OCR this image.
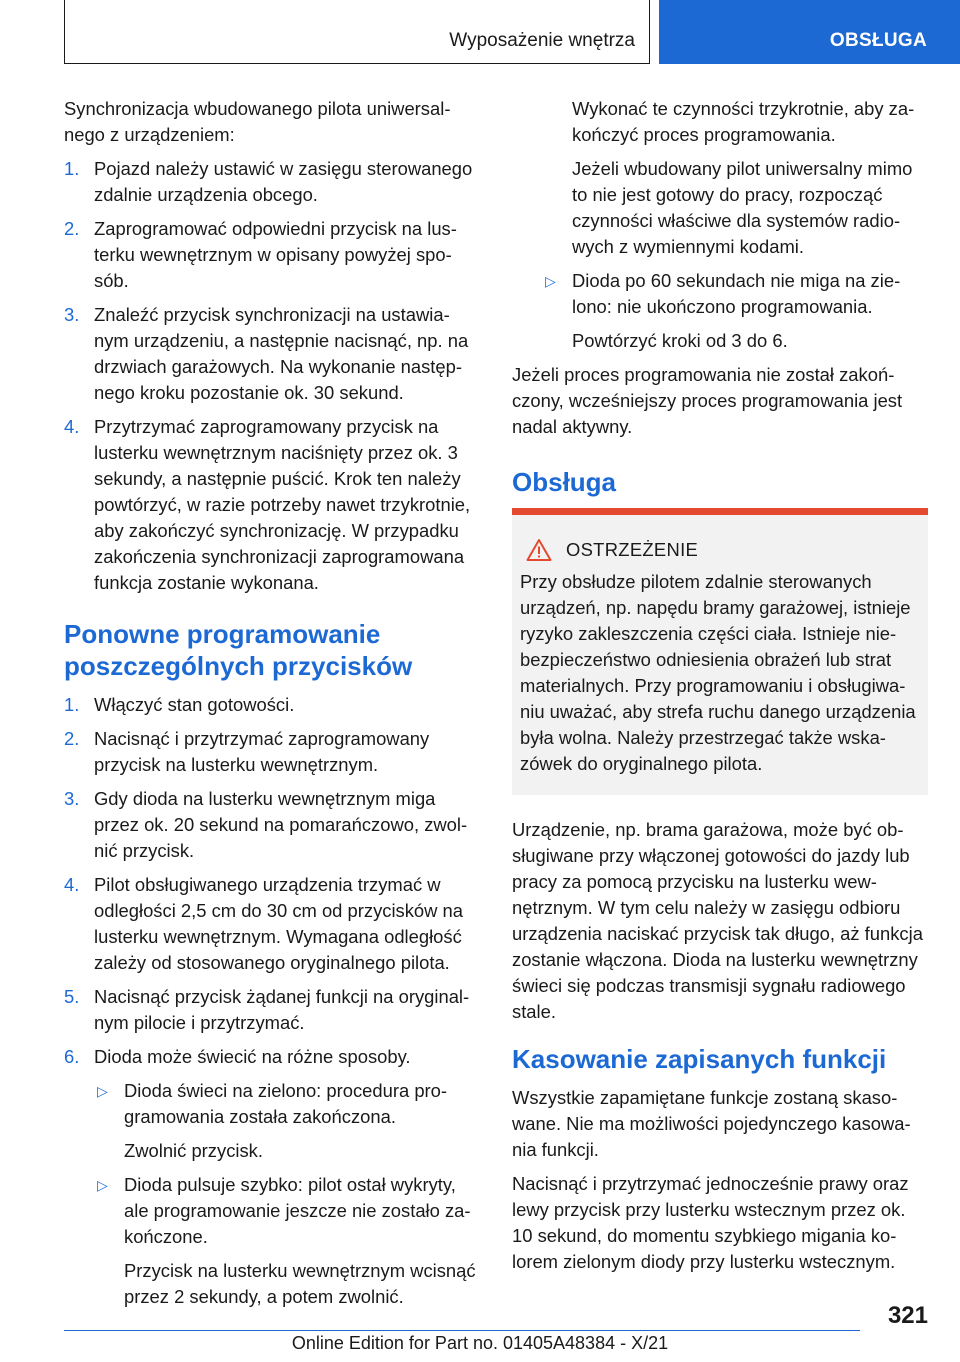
Wyposażenie wnętrza	OBSŁUGA

Synchronizacja wbudowanego pilota uniwersalnego z urządzeniem:

1. Pojazd należy ustawić w zasięgu sterowanego zdalnie urządzenia obcego.
2. Zaprogramować odpowiedni przycisk na lusterku wewnętrznym w opisany powyżej sposób.
3. Znaleźć przycisk synchronizacji na ustawianym urządzeniu, a następnie nacisnąć, np. na drzwiach garażowych. Na wykonanie następnego kroku pozostanie ok. 30 sekund.
4. Przytrzymać zaprogramowany przycisk na lusterku wewnętrznym naciśnięty przez ok. 3 sekundy, a następnie puścić. Krok ten należy powtórzyć, w razie potrzeby nawet trzykrotnie, aby zakończyć synchronizację. W przypadku zakończenia synchronizacji zaprogramowana funkcja zostanie wykonana.
Ponowne programowanie poszczególnych przycisków
1. Włączyć stan gotowości.
2. Nacisnąć i przytrzymać zaprogramowany przycisk na lusterku wewnętrznym.
3. Gdy dioda na lusterku wewnętrznym miga przez ok. 20 sekund na pomarańczowo, zwolnić przycisk.
4. Pilot obsługiwanego urządzenia trzymać w odległości 2,5 cm do 30 cm od przycisków na lusterku wewnętrznym. Wymagana odległość zależy od stosowanego oryginalnego pilota.
5. Nacisnąć przycisk żądanej funkcji na oryginalnym pilocie i przytrzymać.
6. Dioda może świecić na różne sposoby.
▷ Dioda świeci na zielono: procedura programowania została zakończona.
Zwolnić przycisk.
▷ Dioda pulsuje szybko: pilot ostał wykryty, ale programowanie jeszcze nie zostało zakończone.
Przycisk na lusterku wewnętrznym wcisnąć przez 2 sekundy, a potem zwolnić.

Wykonać te czynności trzykrotnie, aby zakończyć proces programowania.

Jeżeli wbudowany pilot uniwersalny mimo to nie jest gotowy do pracy, rozpocząć czynności właściwe dla systemów radiowych z wymiennymi kodami.

▷ Dioda po 60 sekundach nie miga na zielono: nie ukończono programowania.
Powtórzyć kroki od 3 do 6.

Jeżeli proces programowania nie został zakończony, wcześniejszy proces programowania jest nadal aktywny.

Obsługa
OSTRZEŻENIE

Przy obsłudze pilotem zdalnie sterowanych urządzeń, np. napędu bramy garażowej, istnieje ryzyko zakleszczenia części ciała. Istnieje niebezpieczeństwo odniesienia obrażeń lub strat materialnych. Przy programowaniu i obsługiwaniu uważać, aby strefa ruchu danego urządzenia była wolna. Należy przestrzegać także wskazówek do oryginalnego pilota.

Urządzenie, np. brama garażowa, może być obsługiwane przy włączonej gotowości do jazdy lub pracy za pomocą przycisku na lusterku wewnętrznym. W tym celu należy w zasięgu odbioru urządzenia naciskać przycisk tak długo, aż funkcja zostanie włączona. Dioda na lusterku wewnętrzny świeci się podczas transmisji sygnału radiowego stale.

Kasowanie zapisanych funkcji

Wszystkie zapamiętane funkcje zostaną skasowane. Nie ma możliwości pojedynczego kasowania funkcji.

Nacisnąć i przytrzymać jednocześnie prawy oraz lewy przycisk przy lusterku wstecznym przez ok. 10 sekund, do momentu szybkiego migania kolorem zielonym diody przy lusterku wstecznym.

321
Online Edition for Part no. 01405A48384 - X/21
